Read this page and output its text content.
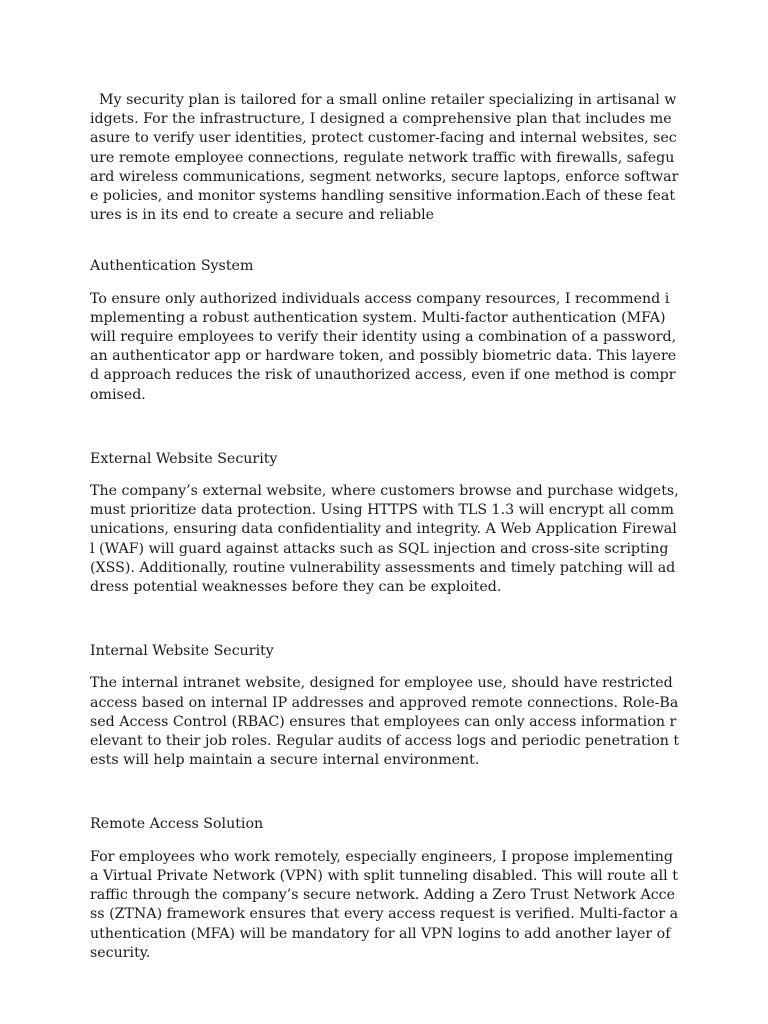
My security plan is tailored for a small online retailer specializing in artisanal widgets. For the infrastructure, I designed a comprehensive plan that includes measure to verify user identities, protect customer-facing and internal websites, secure remote employee connections, regulate network traffic with firewalls, safeguard wireless communications, segment networks, secure laptops, enforce software policies, and monitor systems handling sensitive information.Each of these features is in its end to create a secure and reliable

Authentication System

To ensure only authorized individuals access company resources, I recommend implementing a robust authentication system. Multi-factor authentication (MFA) will require employees to verify their identity using a combination of a password, an authenticator app or hardware token, and possibly biometric data. This layered approach reduces the risk of unauthorized access, even if one method is compromised.

External Website Security

The company’s external website, where customers browse and purchase widgets, must prioritize data protection. Using HTTPS with TLS 1.3 will encrypt all communications, ensuring data confidentiality and integrity. A Web Application Firewall (WAF) will guard against attacks such as SQL injection and cross-site scripting (XSS). Additionally, routine vulnerability assessments and timely patching will address potential weaknesses before they can be exploited.

Internal Website Security

The internal intranet website, designed for employee use, should have restricted access based on internal IP addresses and approved remote connections. Role-Based Access Control (RBAC) ensures that employees can only access information relevant to their job roles. Regular audits of access logs and periodic penetration tests will help maintain a secure internal environment.

Remote Access Solution

For employees who work remotely, especially engineers, I propose implementing a Virtual Private Network (VPN) with split tunneling disabled. This will route all traffic through the company’s secure network. Adding a Zero Trust Network Access (ZTNA) framework ensures that every access request is verified. Multi-factor authentication (MFA) will be mandatory for all VPN logins to add another layer of security.
